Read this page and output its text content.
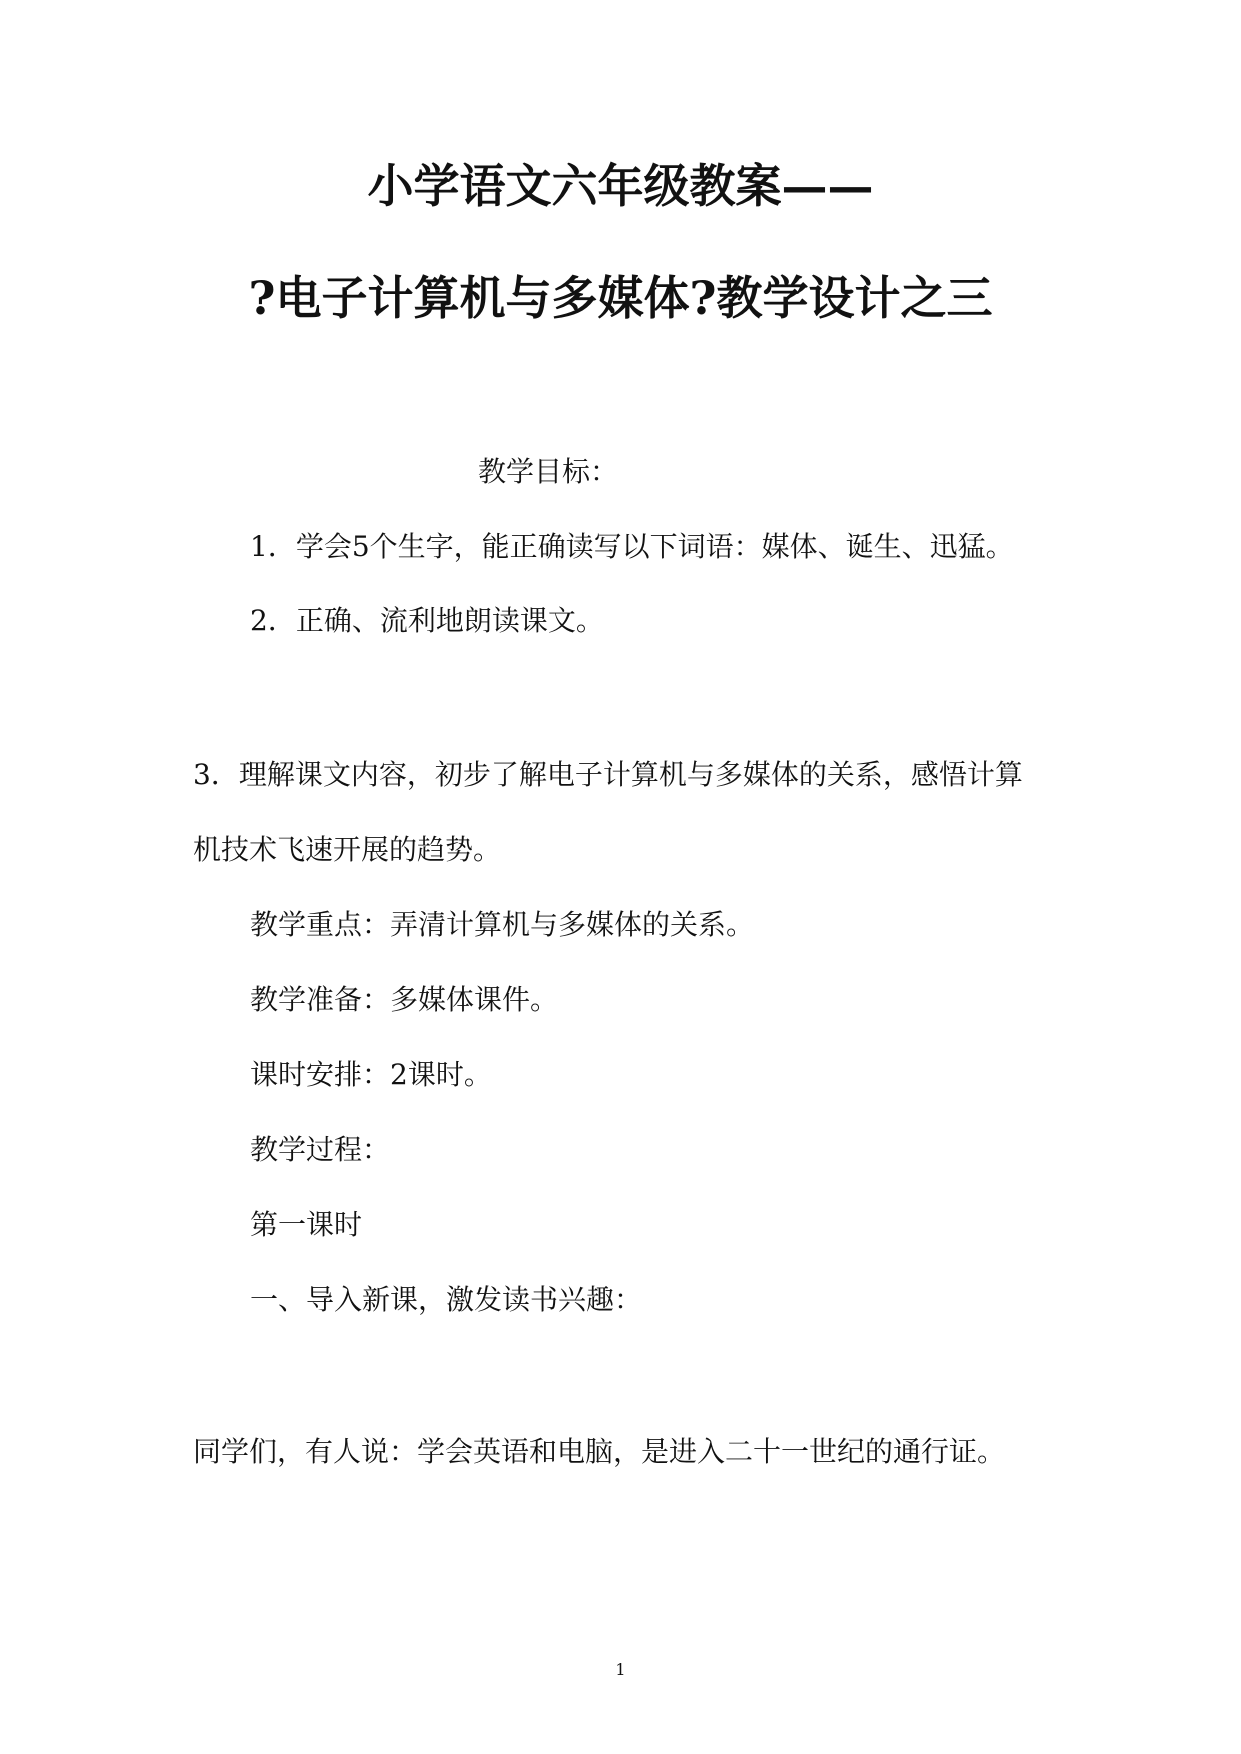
小学语文六年级教案——
?电子计算机与多媒体?教学设计之三
教学目标：
1．学会5个生字，能正确读写以下词语：媒体、诞生、迅猛。
2．正确、流利地朗读课文。
3．理解课文内容，初步了解电子计算机与多媒体的关系，感悟计算
机技术飞速开展的趋势。
教学重点：弄清计算机与多媒体的关系。
教学准备：多媒体课件。
课时安排：2课时。
教学过程：
第一课时
一、导入新课，激发读书兴趣：
同学们，有人说：学会英语和电脑，是进入二十一世纪的通行证。
1
